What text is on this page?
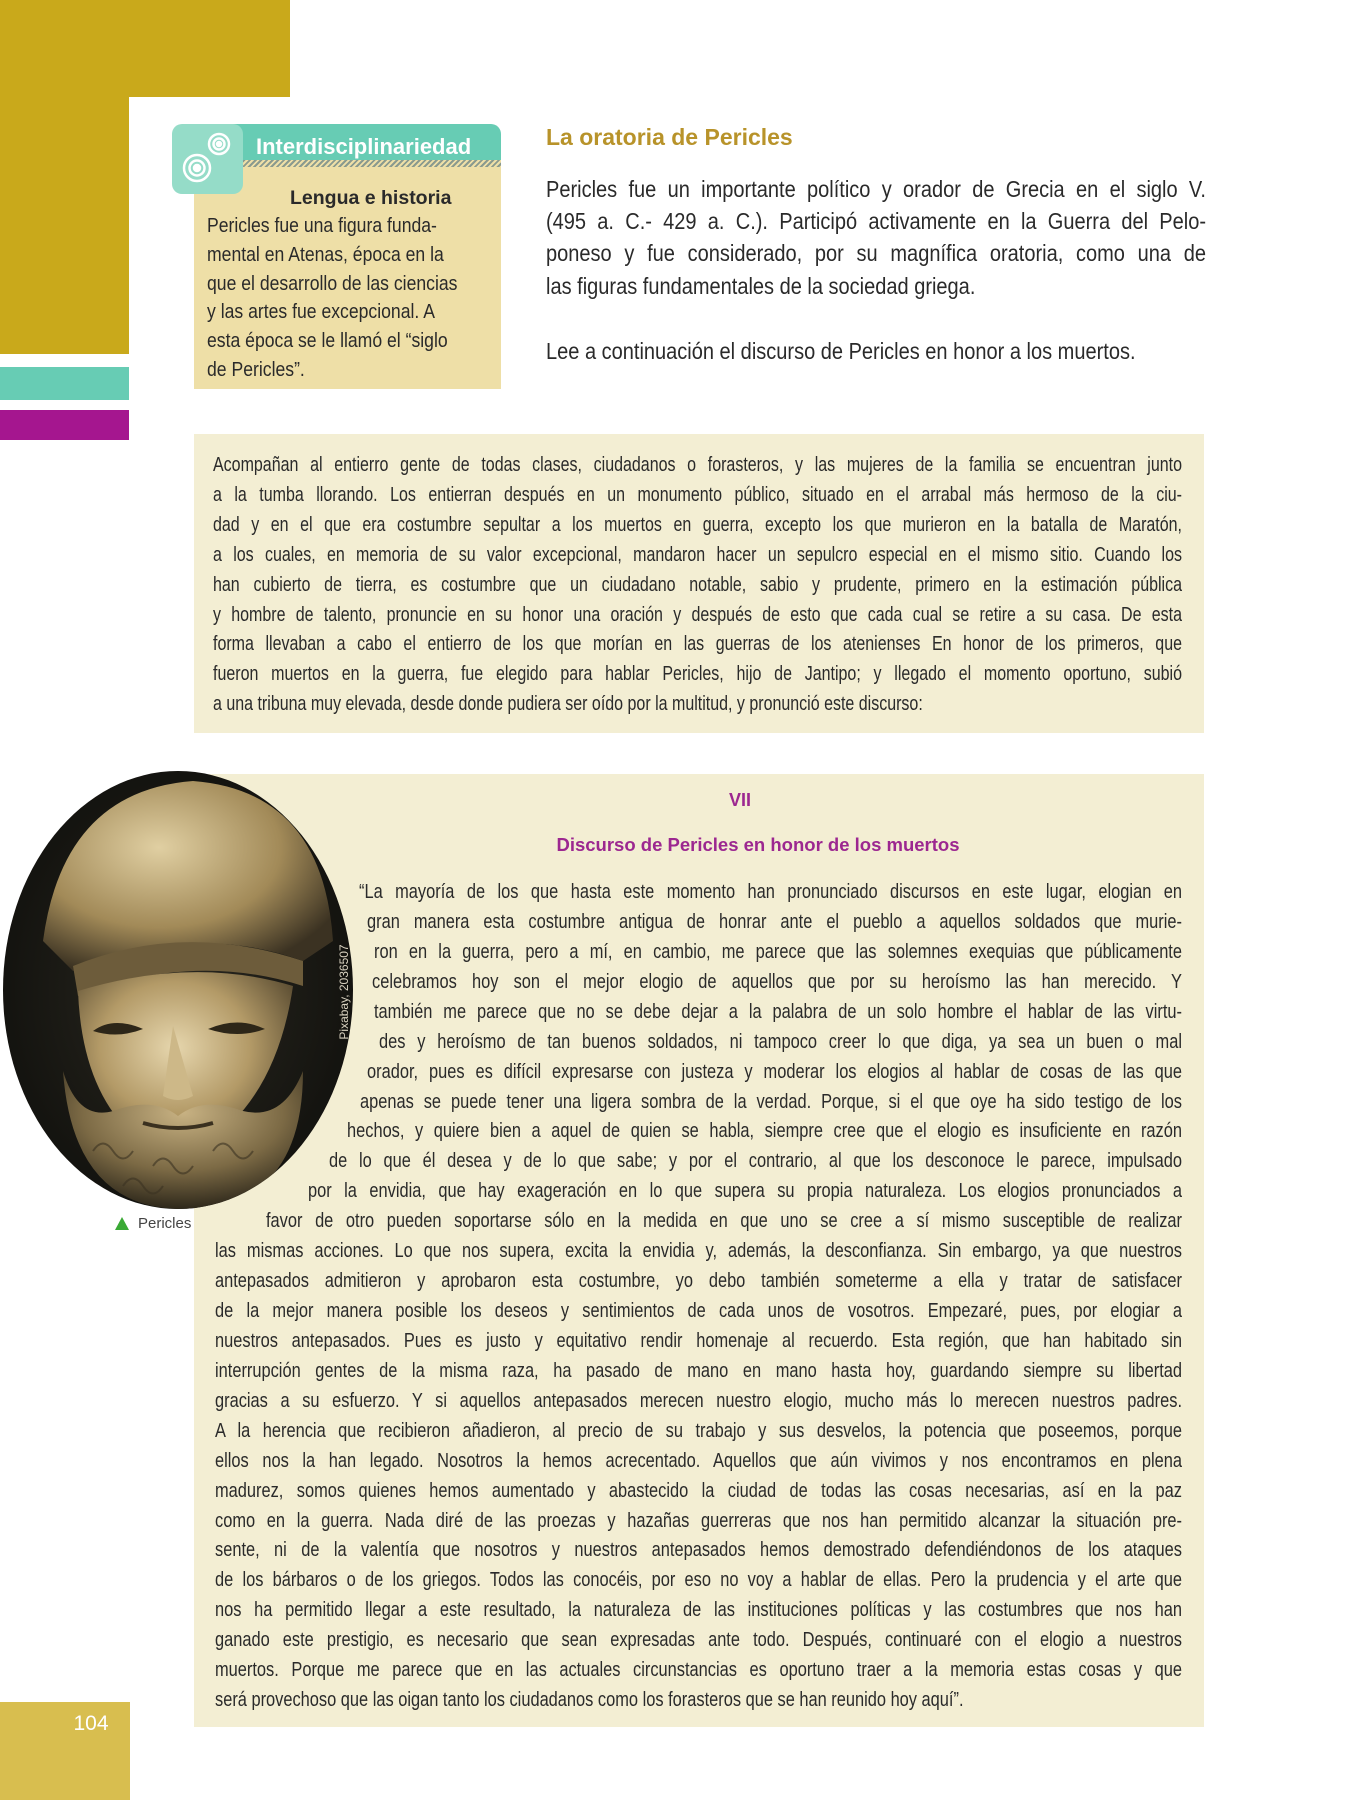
Interdisciplinariedad
Lengua e historia
Pericles fue una figura funda-
mental en Atenas, época en la
que el desarrollo de las ciencias
y las artes fue excepcional. A
esta época se le llamó el “siglo
de Pericles”.
La oratoria de Pericles
Pericles fue un importante político y orador de Grecia en el siglo V.
(495 a. C.- 429 a. C.). Participó activamente en la Guerra del Pelo-
poneso y fue considerado, por su magnífica oratoria, como una de
las figuras fundamentales de la sociedad griega.
Lee a continuación el discurso de Pericles en honor a los muertos.
Acompañan al entierro gente de todas clases, ciudadanos o forasteros, y las mujeres de la familia se encuentran junto
a la tumba llorando. Los entierran después en un monumento público, situado en el arrabal más hermoso de la ciu-
dad y en el que era costumbre sepultar a los muertos en guerra, excepto los que murieron en la batalla de Maratón,
a los cuales, en memoria de su valor excepcional, mandaron hacer un sepulcro especial en el mismo sitio. Cuando los
han cubierto de tierra, es costumbre que un ciudadano notable, sabio y prudente, primero en la estimación pública
y hombre de talento, pronuncie en su honor una oración y después de esto que cada cual se retire a su casa. De esta
forma llevaban a cabo el entierro de los que morían en las guerras de los atenienses En honor de los primeros, que
fueron muertos en la guerra, fue elegido para hablar Pericles, hijo de Jantipo; y llegado el momento oportuno, subió
a una tribuna muy elevada, desde donde pudiera ser oído por la multitud, y pronunció este discurso:
VII
Discurso de Pericles en honor de los muertos
“La mayoría de los que hasta este momento han pronunciado discursos en este lugar, elogian en
gran manera esta costumbre antigua de honrar ante el pueblo a aquellos soldados que murie-
ron en la guerra, pero a mí, en cambio, me parece que las solemnes exequias que públicamente
celebramos hoy son el mejor elogio de aquellos que por su heroísmo las han merecido. Y
también me parece que no se debe dejar a la palabra de un solo hombre el hablar de las virtu-
des y heroísmo de tan buenos soldados, ni tampoco creer lo que diga, ya sea un buen o mal
orador, pues es difícil expresarse con justeza y moderar los elogios al hablar de cosas de las que
apenas se puede tener una ligera sombra de la verdad. Porque, si el que oye ha sido testigo de los
hechos, y quiere bien a aquel de quien se habla, siempre cree que el elogio es insuficiente en razón
de lo que él desea y de lo que sabe; y por el contrario, al que los desconoce le parece, impulsado
por la envidia, que hay exageración en lo que supera su propia naturaleza. Los elogios pronunciados a
favor de otro pueden soportarse sólo en la medida en que uno se cree a sí mismo susceptible de realizar
las mismas acciones. Lo que nos supera, excita la envidia y, además, la desconfianza. Sin embargo, ya que nuestros
antepasados admitieron y aprobaron esta costumbre, yo debo también someterme a ella y tratar de satisfacer
de la mejor manera posible los deseos y sentimientos de cada unos de vosotros. Empezaré, pues, por elogiar a
nuestros antepasados. Pues es justo y equitativo rendir homenaje al recuerdo. Esta región, que han habitado sin
interrupción gentes de la misma raza, ha pasado de mano en mano hasta hoy, guardando siempre su libertad
gracias a su esfuerzo. Y si aquellos antepasados merecen nuestro elogio, mucho más lo merecen nuestros padres.
A la herencia que recibieron añadieron, al precio de su trabajo y sus desvelos, la potencia que poseemos, porque
ellos nos la han legado. Nosotros la hemos acrecentado. Aquellos que aún vivimos y nos encontramos en plena
madurez, somos quienes hemos aumentado y abastecido la ciudad de todas las cosas necesarias, así en la paz
como en la guerra. Nada diré de las proezas y hazañas guerreras que nos han permitido alcanzar la situación pre-
sente, ni de la valentía que nosotros y nuestros antepasados hemos demostrado defendiéndonos de los ataques
de los bárbaros o de los griegos. Todos las conocéis, por eso no voy a hablar de ellas. Pero la prudencia y el arte que
nos ha permitido llegar a este resultado, la naturaleza de las instituciones políticas y las costumbres que nos han
ganado este prestigio, es necesario que sean expresadas ante todo. Después, continuaré con el elogio a nuestros
muertos. Porque me parece que en las actuales circunstancias es oportuno traer a la memoria estas cosas y que
será provechoso que las oigan tanto los ciudadanos como los forasteros que se han reunido hoy aquí”.
Pixabay, 2036507
Pericles
104
